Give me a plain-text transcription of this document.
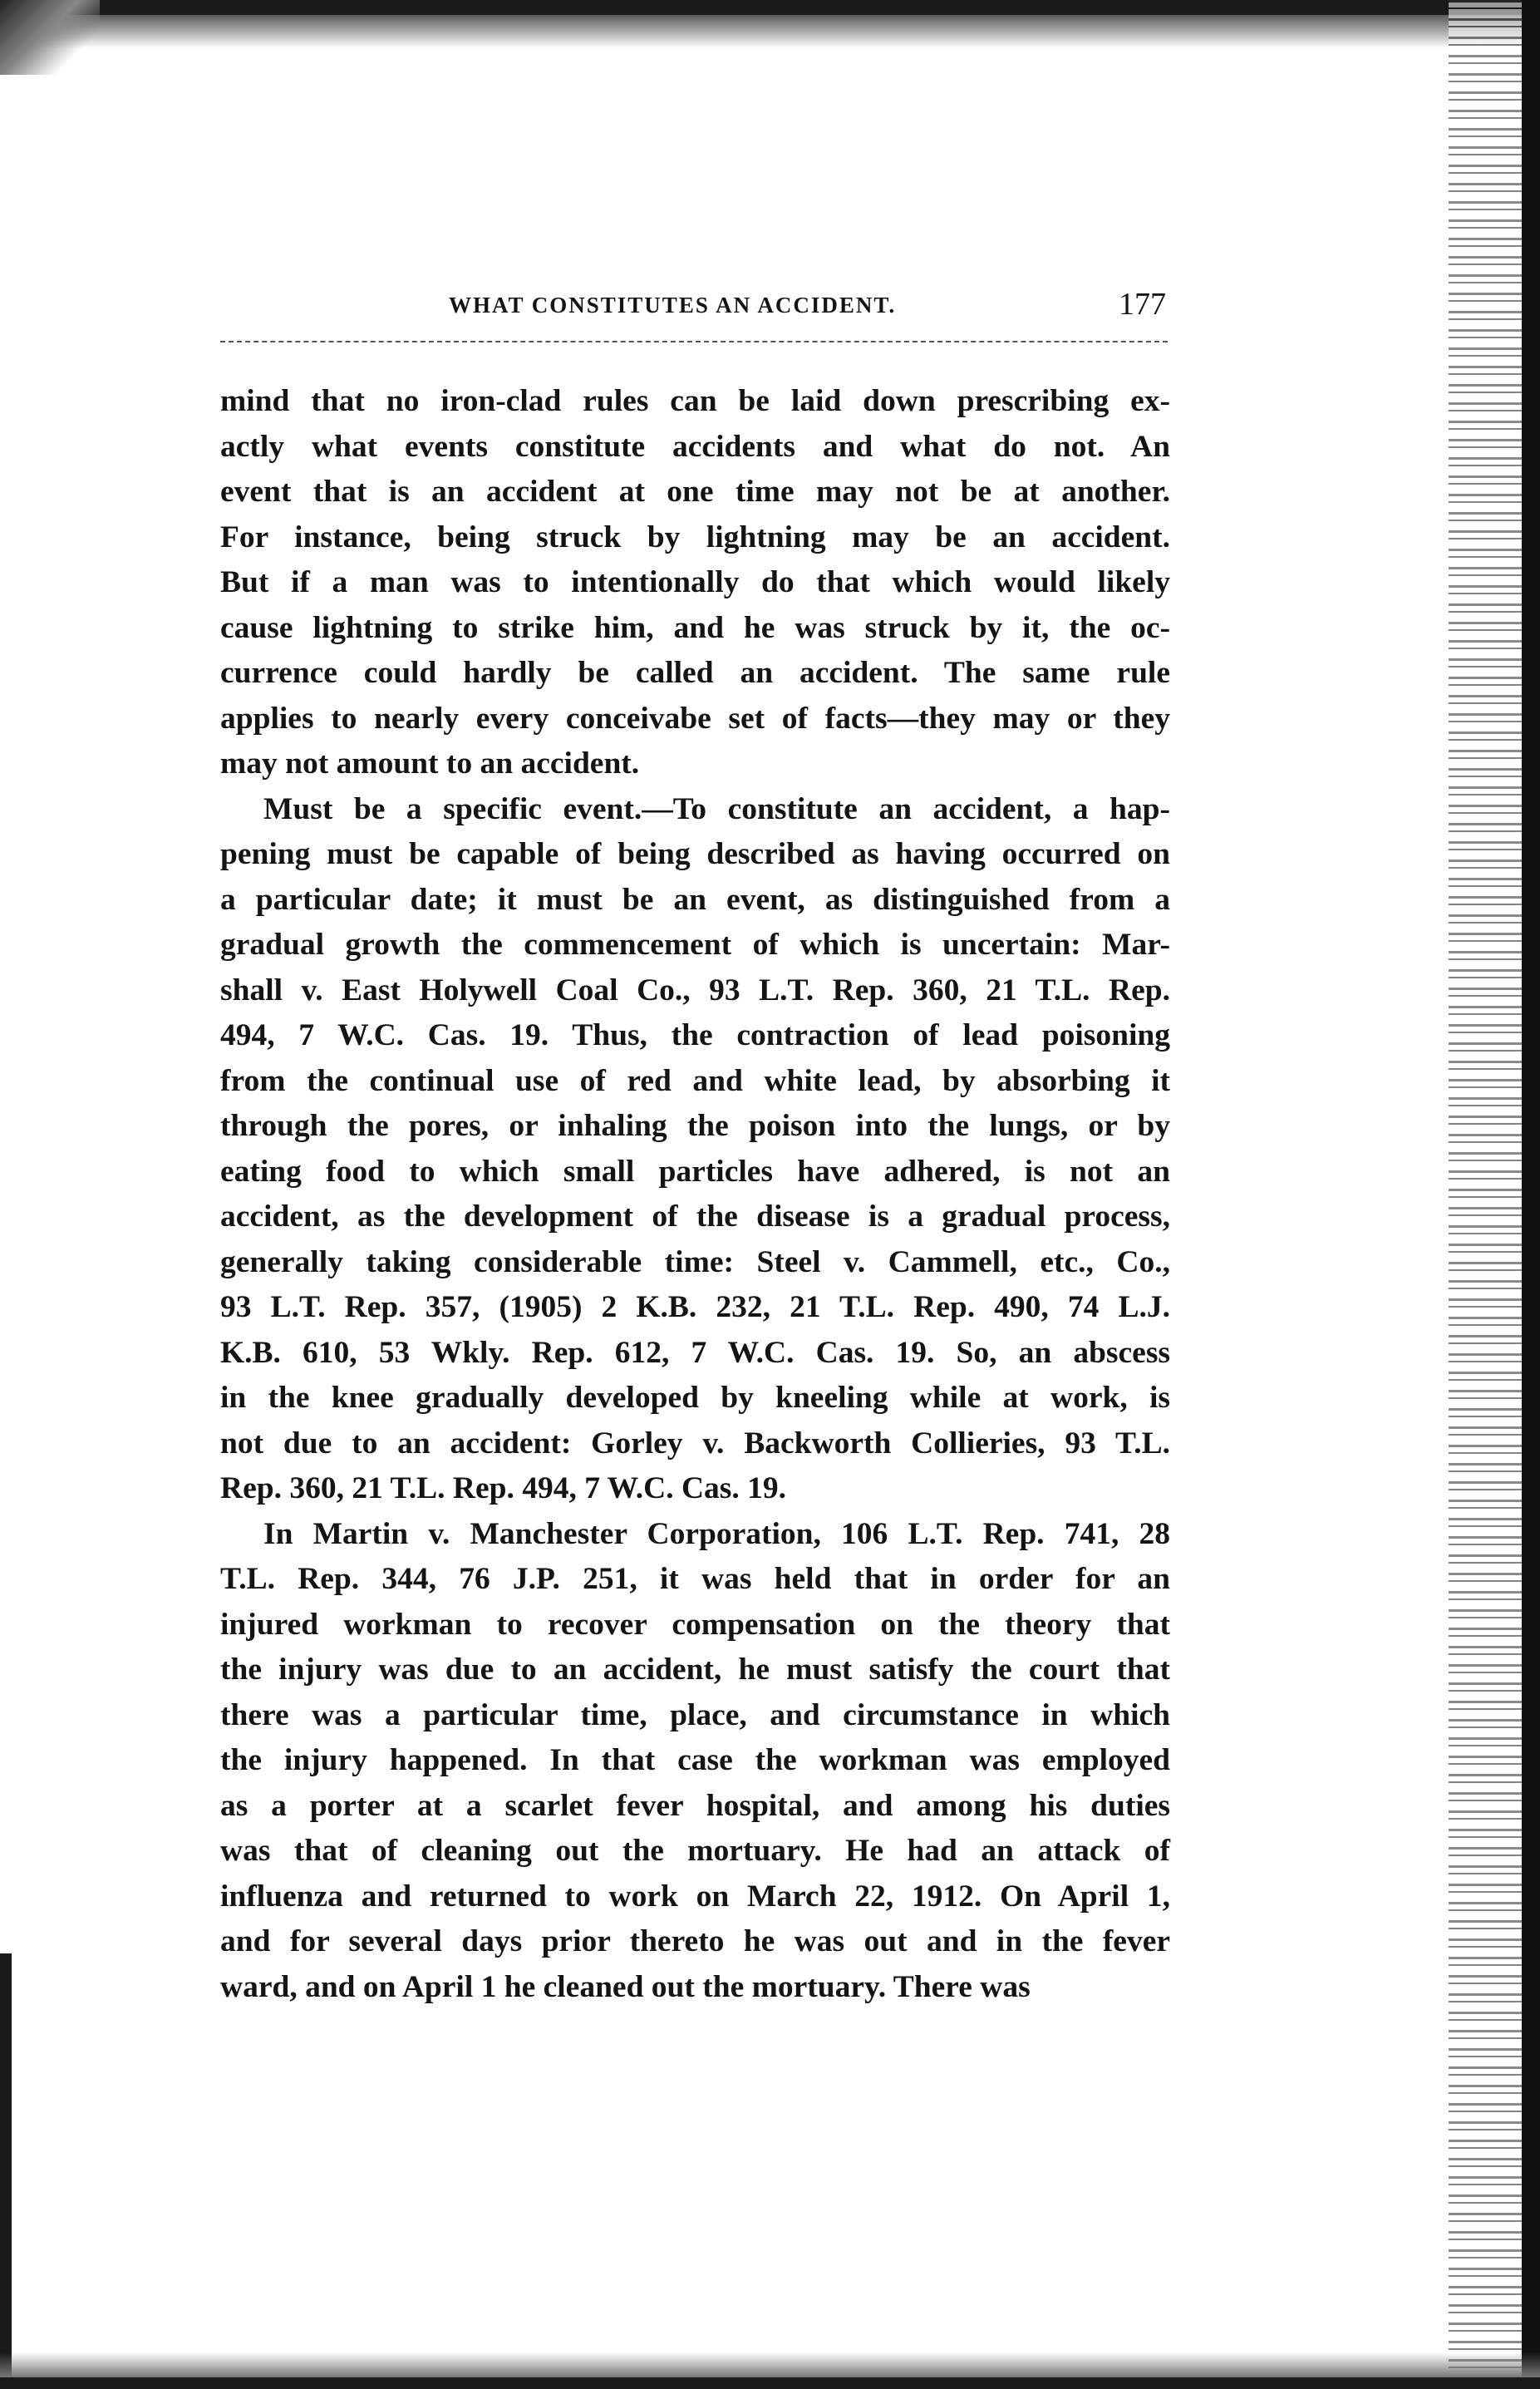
WHAT CONSTITUTES AN ACCIDENT.	177

mind that no iron-clad rules can be laid down prescribing ex-
actly what events constitute accidents and what do not. An
event that is an accident at one time may not be at another.
For instance, being struck by lightning may be an accident.
But if a man was to intentionally do that which would likely
cause lightning to strike him, and he was struck by it, the oc-
currence could hardly be called an accident. The same rule
applies to nearly every conceivabe set of facts—they may or they
may not amount to an accident.

Must be a specific event.—To constitute an accident, a hap-
pening must be capable of being described as having occurred on
a particular date; it must be an event, as distinguished from a
gradual growth the commencement of which is uncertain: Mar-
shall v. East Holywell Coal Co., 93 L.T. Rep. 360, 21 T.L. Rep.
494, 7 W.C. Cas. 19. Thus, the contraction of lead poisoning
from the continual use of red and white lead, by absorbing it
through the pores, or inhaling the poison into the lungs, or by
eating food to which small particles have adhered, is not an
accident, as the development of the disease is a gradual process,
generally taking considerable time: Steel v. Cammell, etc., Co.,
93 L.T. Rep. 357, (1905) 2 K.B. 232, 21 T.L. Rep. 490, 74 L.J.
K.B. 610, 53 Wkly. Rep. 612, 7 W.C. Cas. 19. So, an abscess
in the knee gradually developed by kneeling while at work, is
not due to an accident: Gorley v. Backworth Collieries, 93 T.L.
Rep. 360, 21 T.L. Rep. 494, 7 W.C. Cas. 19.

In Martin v. Manchester Corporation, 106 L.T. Rep. 741, 28
T.L. Rep. 344, 76 J.P. 251, it was held that in order for an
injured workman to recover compensation on the theory that
the injury was due to an accident, he must satisfy the court that
there was a particular time, place, and circumstance in which
the injury happened. In that case the workman was employed
as a porter at a scarlet fever hospital, and among his duties
was that of cleaning out the mortuary. He had an attack of
influenza and returned to work on March 22, 1912. On April 1,
and for several days prior thereto he was out and in the fever
ward, and on April 1 he cleaned out the mortuary. There was
